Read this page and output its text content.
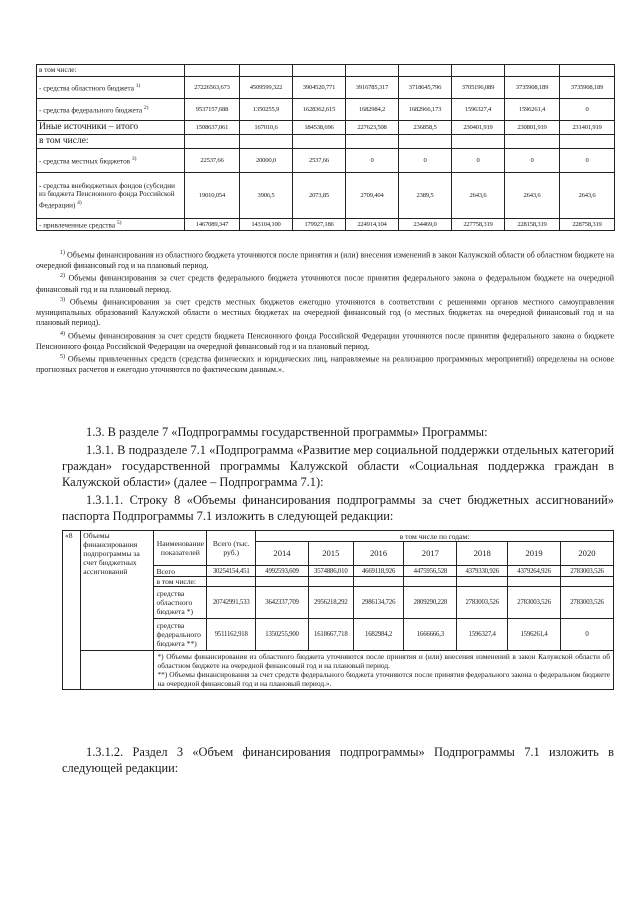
в том числе:								
- средства областного бюджета $^{1)}$	27226563,673	4509599,322	3904520,771	3916785,317	3718645,796	3705196,089	3735908,189	3735908,189
- средства федерального бюджета $^{2)}$	9537157,688	1350255,9	1628362,615	1682984,2	1682966,173	1596327,4	1596261,4	0
Иные источники – итого	1508637,061	167010,6	184538,696	227623,508	236858,5	230401,919	230801,919	231401,919
в том числе:								
- средства местных бюджетов $^{3)}$	22537,66	20000,0	2537,66	0	0	0	0	0
- средства внебюджетных фондов (субсидии из бюджета Пенсионного фонда Российской Федерации) $^{4)}$	19010,054	3906,5	2073,85	2709,404	2389,5	2643,6	2643,6	2643,6
- привлеченные средства $^{5)}$	1467089,347	143104,100	179927,186	224914,104	234469,0	227758,319	228158,319	228758,319

$^{1)}$ Объемы финансирования из областного бюджета уточняются после принятия и (или) внесения изменений в закон Калужской области об областном бюджете на очередной финансовый год и на плановый период.

$^{2)}$ Объемы финансирования за счет средств федерального бюджета уточняются после принятия федерального закона о федеральном бюджете на очередной финансовый год и на плановый период.

$^{3)}$ Объемы финансирования за счет средств местных бюджетов ежегодно уточняются в соответствии с решениями органов местного самоуправления муниципальных образований Калужской области о местных бюджетах на очередной финансовый год (о местных бюджетах на очередной финансовый год и на плановый период).

$^{4)}$ Объемы финансирования за счет средств бюджета Пенсионного фонда Российской Федерации уточняются после принятия федерального закона о бюджете Пенсионного фонда Российской Федерации на очередной финансовый год и на плановый период.

$^{5)}$ Объемы привлеченных средств (средства физических и юридических лиц, направляемые на реализацию программных мероприятий) определены на основе прогнозных расчетов и ежегодно уточняются по фактическим данным.».

1.3. В разделе 7 «Подпрограммы государственной программы» Программы:

1.3.1. В подразделе 7.1 «Подпрограмма «Развитие мер социальной поддержки отдельных категорий граждан» государственной программы Калужской области «Социальная поддержка граждан в Калужской области» (далее – Подпрограмма 7.1):

1.3.1.1. Строку 8 «Объемы финансирования подпрограммы за счет бюджетных ассигнований» паспорта Подпрограммы 7.1 изложить в следующей редакции:

«8	Объемы финансирования подпрограммы за счет бюджетных ассигнований	Наименование показателей	Всего (тыс. руб.)	в том числе по годам:						
				2014	2015	2016	2017	2018	2019	2020
		Всего	30254154,451	4992593,609	3574886,010	4669118,926	4475956,528	4379330,926	4379264,926	2783003,526
		в том числе:								
		средства областного бюджета *)	20742991,533	3642337,709	2956218,292	2986134,726	2809290,228	2783003,526	2783003,526	2783003,526
		средства федерального бюджета **)	9511162,918	1350255,900	1618667,718	1682984,2	1666666,3	1596327,4	1596261,4	0

		*) Объемы финансирования из областного бюджета уточняются после принятия и (или) внесения изменений в закон Калужской области об областном бюджете на очередной финансовый год и на плановый период.

**) Объемы финансирования за счет средств федерального бюджета уточняются после принятия федерального закона о федеральном бюджете на очередной финансовый год и на плановый период.».								

1.3.1.2. Раздел 3 «Объем финансирования подпрограммы» Подпрограммы 7.1 изложить в следующей редакции:
